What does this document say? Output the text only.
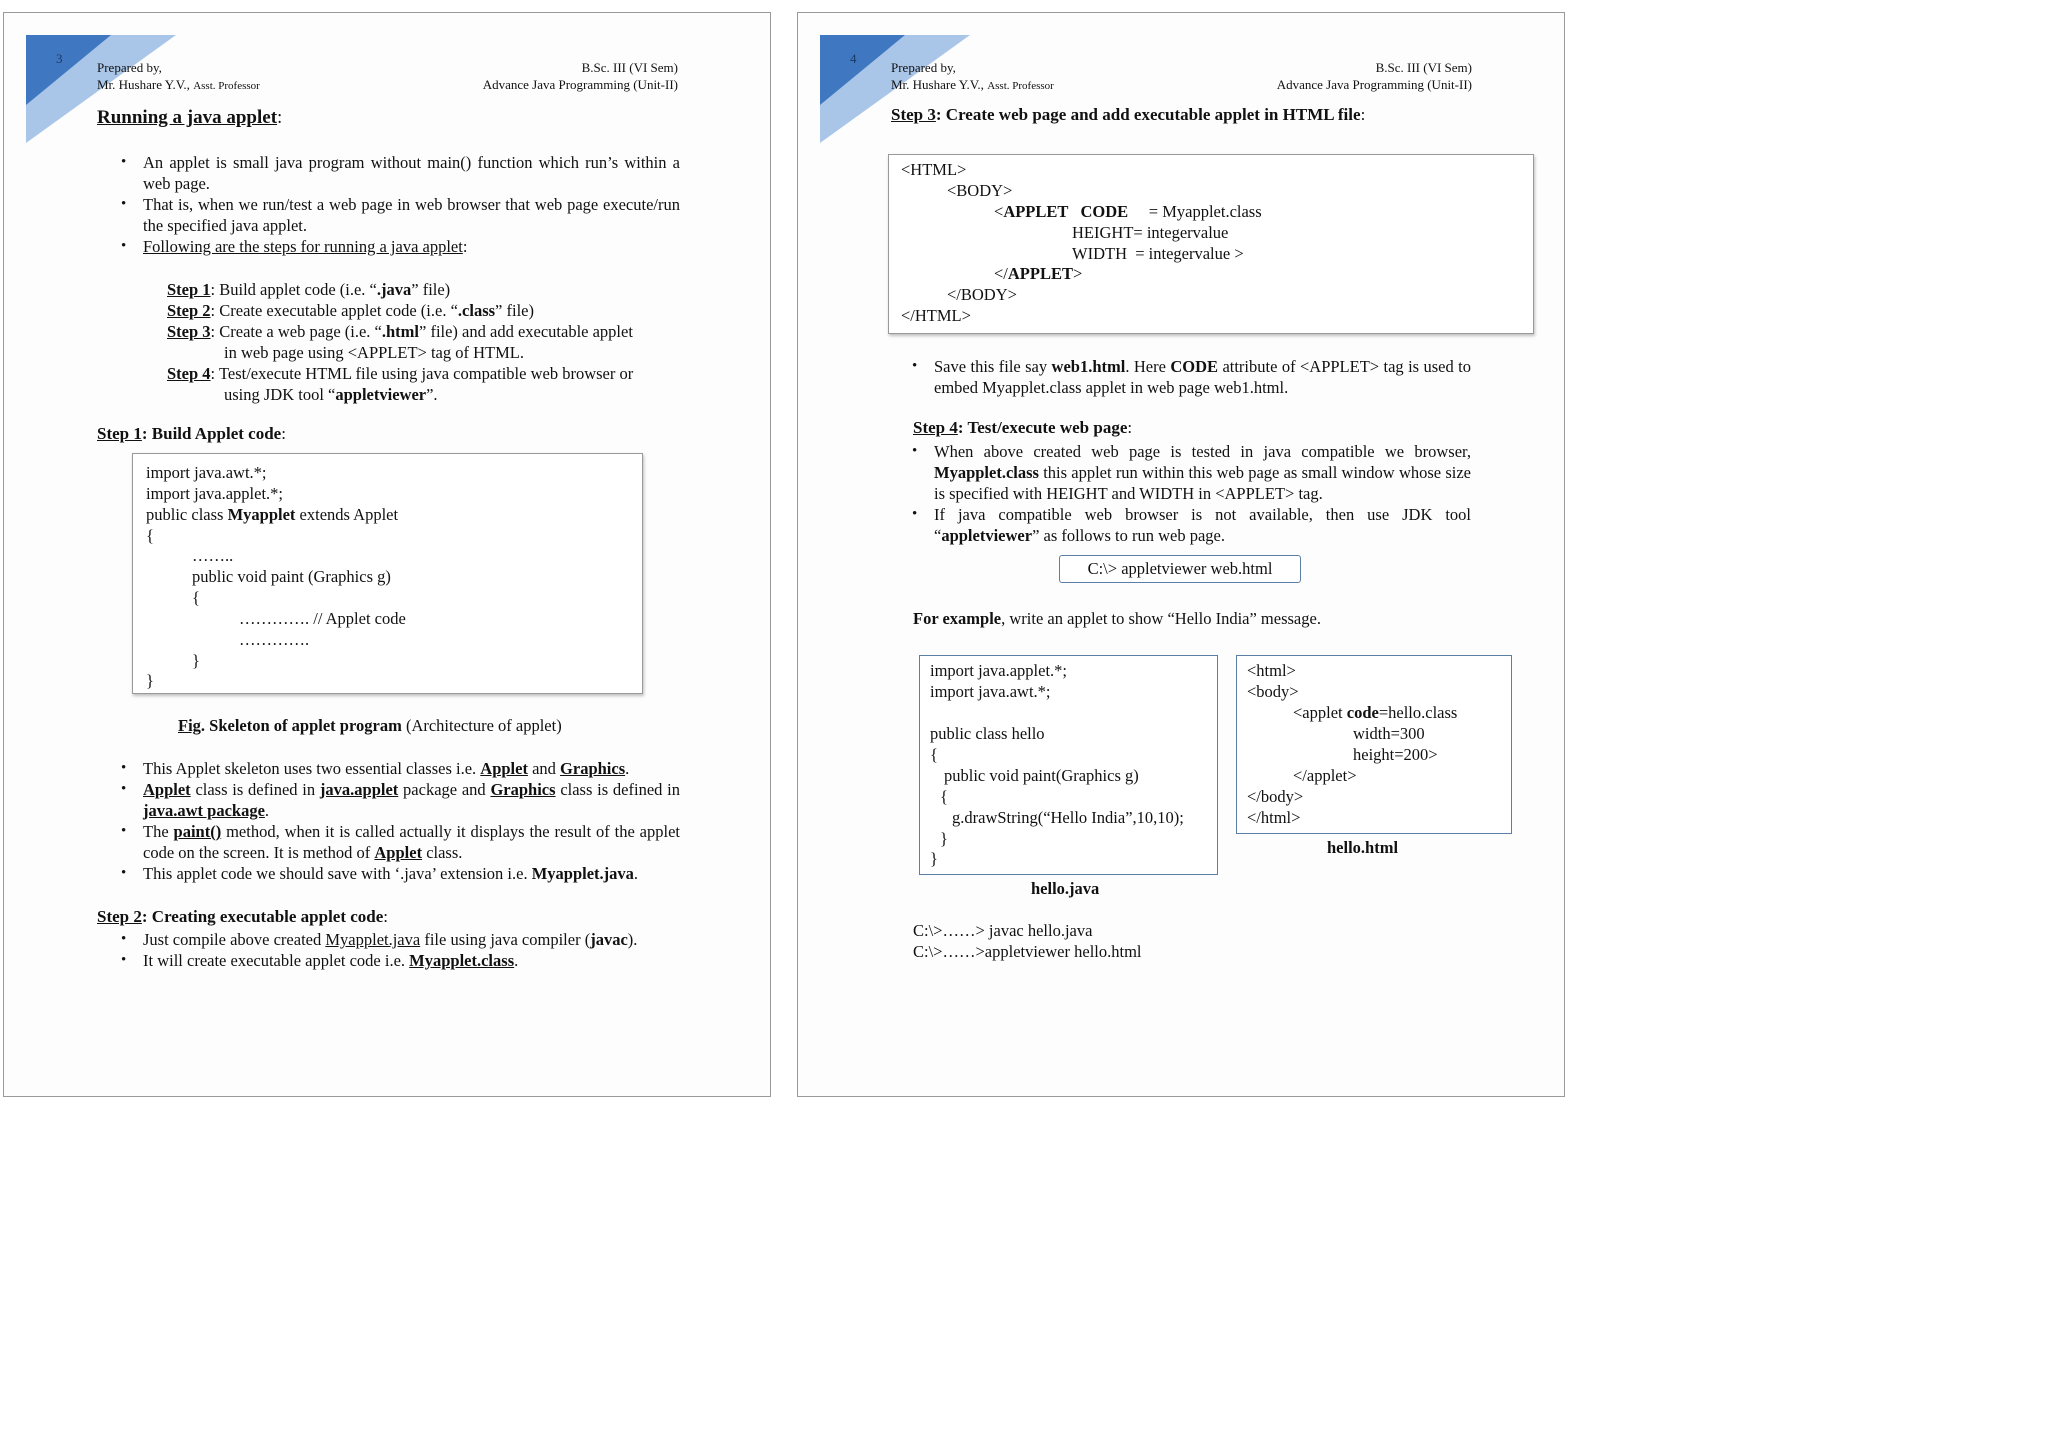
3
Prepared by,
Mr. Hushare Y.V., Asst. Professor
B.Sc. III (VI Sem)
Advance Java Programming (Unit-II)
Running a java applet:
• An applet is small java program without main() function which run’s within a web page.
• That is, when we run/test a web page in web browser that web page execute/run the specified java applet.
• Following are the steps for running a java applet:
Step 1: Build applet code (i.e. “.java” file)
Step 2: Create executable applet code (i.e. “.class” file)
Step 3: Create a web page (i.e. “.html” file) and add executable applet
in web page using <APPLET> tag of HTML.
Step 4: Test/execute HTML file using java compatible web browser or
using JDK tool “appletviewer”.
Step 1: Build Applet code:
import java.awt.*;
import java.applet.*;
public class Myapplet extends Applet
{
……..
public void paint (Graphics g)
{
…………. // Applet code
………….
}
}
Fig. Skeleton of applet program (Architecture of applet)
• This Applet skeleton uses two essential classes i.e. Applet and Graphics.
• Applet class is defined in java.applet package and Graphics class is defined in java.awt package.
• The paint() method, when it is called actually it displays the result of the applet code on the screen. It is method of Applet class.
• This applet code we should save with ‘.java’ extension i.e. Myapplet.java.
Step 2: Creating executable applet code:
• Just compile above created Myapplet.java file using java compiler (javac).
• It will create executable applet code i.e. Myapplet.class.
4
Prepared by,
Mr. Hushare Y.V., Asst. Professor
B.Sc. III (VI Sem)
Advance Java Programming (Unit-II)
Step 3: Create web page and add executable applet in HTML file:
<HTML>
<BODY>
<APPLET   CODE     = Myapplet.class
HEIGHT= integervalue
WIDTH  = integervalue >
</APPLET>
</BODY>
</HTML>
• Save this file say web1.html. Here CODE attribute of <APPLET> tag is used to embed Myapplet.class applet in web page web1.html.
Step 4: Test/execute web page:
• When above created web page is tested in java compatible we browser, Myapplet.class this applet run within this web page as small window whose size is specified with HEIGHT and WIDTH in <APPLET> tag.
• If java compatible web browser is not available, then use JDK tool “appletviewer” as follows to run web page.
C:\> appletviewer web.html
For example, write an applet to show “Hello India” message.
import java.applet.*;
import java.awt.*;
public class hello
{
public void paint(Graphics g)
{
g.drawString(“Hello India”,10,10);
}
}
hello.java
<html>
<body>
<applet code=hello.class
width=300
height=200>
</applet>
</body>
</html>
hello.html
C:\>……> javac hello.java
C:\>……>appletviewer hello.html
